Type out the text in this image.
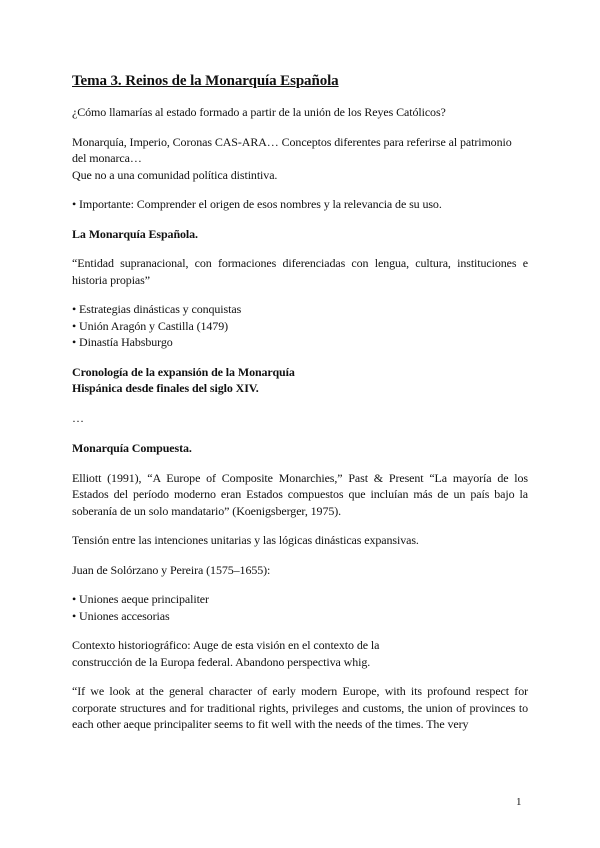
Tema 3. Reinos de la Monarquía Española

¿Cómo llamarías al estado formado a partir de la unión de los Reyes Católicos?

Monarquía, Imperio, Coronas CAS-ARA… Conceptos diferentes para referirse al patrimonio del monarca…
Que no a una comunidad política distintiva.

• Importante: Comprender el origen de esos nombres y la relevancia de su uso.

La Monarquía Española.

“Entidad supranacional, con formaciones diferenciadas con lengua, cultura, instituciones e historia propias”

• Estrategias dinásticas y conquistas
• Unión Aragón y Castilla (1479)
• Dinastía Habsburgo
Cronología de la expansión de la Monarquía
Hispánica desde finales del siglo XIV.

…

Monarquía Compuesta.

Elliott (1991), “A Europe of Composite Monarchies,” Past & Present “La mayoría de los Estados del período moderno eran Estados compuestos que incluían más de un país bajo la soberanía de un solo mandatario” (Koenigsberger, 1975).

Tensión entre las intenciones unitarias y las lógicas dinásticas expansivas.

Juan de Solórzano y Pereira (1575–1655):

• Uniones aeque principaliter
• Uniones accesorias

Contexto historiográfico: Auge de esta visión en el contexto de la
construcción de la Europa federal. Abandono perspectiva whig.

“If we look at the general character of early modern Europe, with its profound respect for corporate structures and for traditional rights, privileges and customs, the union of provinces to each other aeque principaliter seems to fit well with the needs of the times. The very

1
